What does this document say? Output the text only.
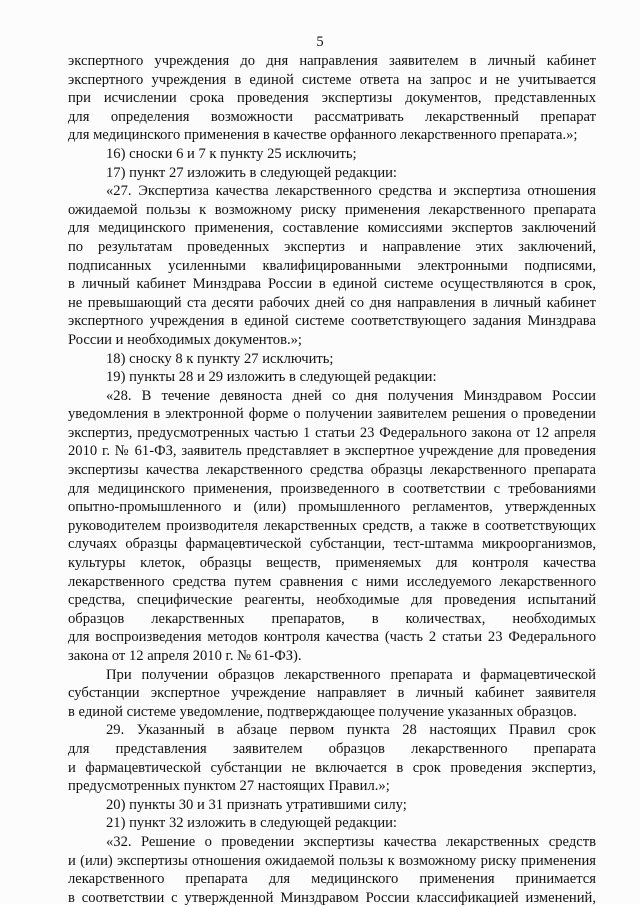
5

экспертного учреждения до дня направления заявителем в личный кабинет

экспертного учреждения в единой системе ответа на запрос и не учитывается

при исчислении срока проведения экспертизы документов, представленных

для определения возможности рассматривать лекарственный препарат

для медицинского применения в качестве орфанного лекарственного препарата.»;

16) сноски 6 и 7 к пункту 25 исключить;

17) пункт 27 изложить в следующей редакции:

«27. Экспертиза качества лекарственного средства и экспертиза отношения

ожидаемой пользы к возможному риску применения лекарственного препарата

для медицинского применения, составление комиссиями экспертов заключений

по результатам проведенных экспертиз и направление этих заключений,

подписанных усиленными квалифицированными электронными подписями,

в личный кабинет Минздрава России в единой системе осуществляются в срок,

не превышающий ста десяти рабочих дней со дня направления в личный кабинет

экспертного учреждения в единой системе соответствующего задания Минздрава

России и необходимых документов.»;

18) сноску 8 к пункту 27 исключить;

19) пункты 28 и 29 изложить в следующей редакции:

«28. В течение девяноста дней со дня получения Минздравом России

уведомления в электронной форме о получении заявителем решения о проведении

экспертиз, предусмотренных частью 1 статьи 23 Федерального закона от 12 апреля

2010 г. № 61-ФЗ, заявитель представляет в экспертное учреждение для проведения

экспертизы качества лекарственного средства образцы лекарственного препарата

для медицинского применения, произведенного в соответствии с требованиями

опытно-промышленного и (или) промышленного регламентов, утвержденных

руководителем производителя лекарственных средств, а также в соответствующих

случаях образцы фармацевтической субстанции, тест-штамма микроорганизмов,

культуры клеток, образцы веществ, применяемых для контроля качества

лекарственного средства путем сравнения с ними исследуемого лекарственного

средства, специфические реагенты, необходимые для проведения испытаний

образцов лекарственных препаратов, в количествах, необходимых

для воспроизведения методов контроля качества (часть 2 статьи 23 Федерального

закона от 12 апреля 2010 г. № 61-ФЗ).

При получении образцов лекарственного препарата и фармацевтической

субстанции экспертное учреждение направляет в личный кабинет заявителя

в единой системе уведомление, подтверждающее получение указанных образцов.

29. Указанный в абзаце первом пункта 28 настоящих Правил срок

для представления заявителем образцов лекарственного препарата

и фармацевтической субстанции не включается в срок проведения экспертиз,

предусмотренных пунктом 27 настоящих Правил.»;

20) пункты 30 и 31 признать утратившими силу;

21) пункт 32 изложить в следующей редакции:

«32. Решение о проведении экспертизы качества лекарственных средств

и (или) экспертизы отношения ожидаемой пользы к возможному риску применения

лекарственного препарата для медицинского применения принимается

в соответствии с утвержденной Минздравом России классификацией изменений,
